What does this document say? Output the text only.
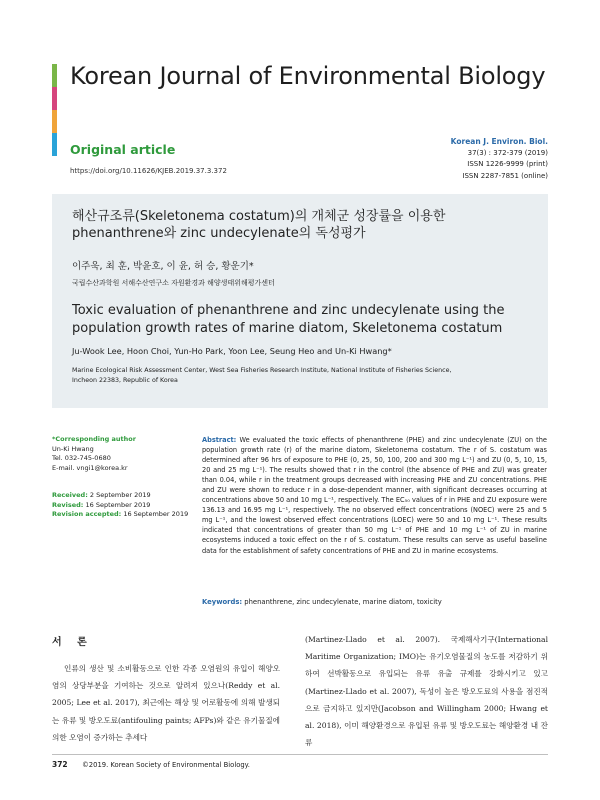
Korean Journal of Environmental Biology
Original article
https://doi.org/10.11626/KJEB.2019.37.3.372
Korean J. Environ. Biol.
37(3) : 372-379 (2019)
ISSN 1226-9999 (print)
ISSN 2287-7851 (online)
해산규조류(Skeletonema costatum)의 개체군 성장률을 이용한
phenanthrene와 zinc undecylenate의 독성평가
이주욱, 최 훈, 박윤호, 이 윤, 허 승, 황운기*
국립수산과학원 서해수산연구소 자원환경과 해양생태위해평가센터
Toxic evaluation of phenanthrene and zinc undecylenate using the
population growth rates of marine diatom, Skeletonema costatum
Ju-Wook Lee, Hoon Choi, Yun-Ho Park, Yoon Lee, Seung Heo and Un-Ki Hwang*
Marine Ecological Risk Assessment Center, West Sea Fisheries Research Institute, National Institute of Fisheries Science,
Incheon 22383, Republic of Korea
*Corresponding author
Un-Ki Hwang
Tel. 032-745-0680
E-mail. vngi1@korea.kr
Received: 2 September 2019
Revised: 16 September 2019
Revision accepted: 16 September 2019
Abstract: We evaluated the toxic effects of phenanthrene (PHE) and zinc undecylenate (ZU) on the population growth rate (r) of the marine diatom, Skeletonema costatum. The r of S. costatum was determined after 96 hrs of exposure to PHE (0, 25, 50, 100, 200 and 300 mg L⁻¹) and ZU (0, 5, 10, 15, 20 and 25 mg L⁻¹). The results showed that r in the control (the absence of PHE and ZU) was greater than 0.04, while r in the treatment groups decreased with increasing PHE and ZU concentrations. PHE and ZU were shown to reduce r in a dose-dependent manner, with significant decreases occurring at concentrations above 50 and 10 mg L⁻¹, respectively. The EC₅₀ values of r in PHE and ZU exposure were 136.13 and 16.95 mg L⁻¹, respectively. The no observed effect concentrations (NOEC) were 25 and 5 mg L⁻¹, and the lowest observed effect concentrations (LOEC) were 50 and 10 mg L⁻¹. These results indicated that concentrations of greater than 50 mg L⁻¹ of PHE and 10 mg L⁻¹ of ZU in marine ecosystems induced a toxic effect on the r of S. costatum. These results can serve as useful baseline data for the establishment of safety concentrations of PHE and ZU in marine ecosystems.
Keywords: phenanthrene, zinc undecylenate, marine diatom, toxicity
서 론
인류의 생산 및 소비활동으로 인한 각종 오염원의 유입이 해양오염의 상당부분을 기여하는 것으로 알려져 있으나(Reddy et al. 2005; Lee et al. 2017), 최근에는 해상 및 어로활동에 의해 발생되는 유류 및 방오도료(antifouling paints; AFPs)와 같은 유기물질에 의한 오염이 증가하는 추세다
(Martinez-Llado et al. 2007). 국제해사기구(International Maritime Organization; IMO)는 유기오염물질의 농도를 저감하기 위하여 선박활동으로 유입되는 유류 유출 규제를 강화시키고 있고(Martinez-Llado et al. 2007), 독성이 높은 방오도료의 사용을 점진적으로 금지하고 있지만(Jacobson and Willingham 2000; Hwang et al. 2018), 이미 해양환경으로 유입된 유류 및 방오도료는 해양환경 내 잔류
372 ©2019. Korean Society of Environmental Biology.
